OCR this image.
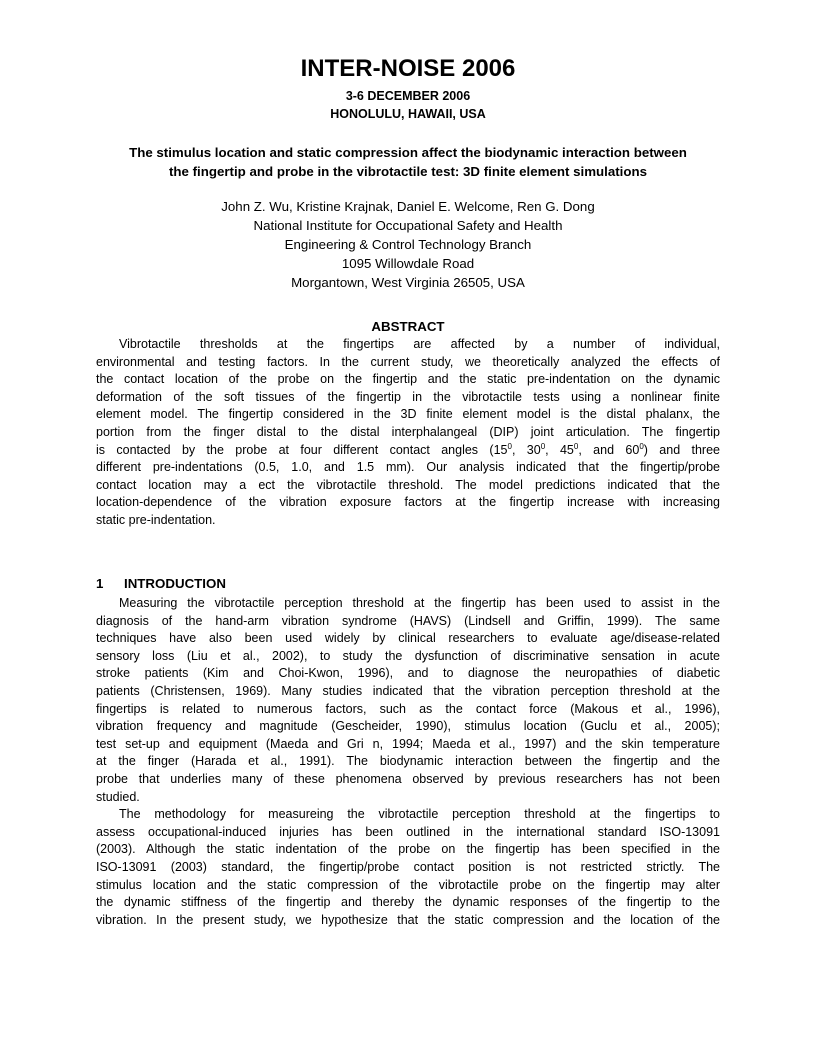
INTER-NOISE 2006
3-6 DECEMBER 2006
HONOLULU, HAWAII, USA
The stimulus location and static compression affect the biodynamic interaction between
the fingertip and probe in the vibrotactile test: 3D finite element simulations
John Z. Wu, Kristine Krajnak, Daniel E. Welcome, Ren G. Dong
National Institute for Occupational Safety and Health
Engineering & Control Technology Branch
1095 Willowdale Road
Morgantown, West Virginia 26505, USA
ABSTRACT
Vibrotactile thresholds at the fingertips are affected by a number of individual,
environmental and testing factors. In the current study, we theoretically analyzed the effects of
the contact location of the probe on the fingertip and the static pre-indentation on the dynamic
deformation of the soft tissues of the fingertip in the vibrotactile tests using a nonlinear finite
element model. The fingertip considered in the 3D finite element model is the distal phalanx, the
portion from the finger distal to the distal interphalangeal (DIP) joint articulation. The fingertip
is contacted by the probe at four different contact angles ($15^0$, $30^0$, $45^0$, and $60^0$) and three
different pre-indentations (0.5, 1.0, and 1.5 mm). Our analysis indicated that the fingertip/probe
contact location may a ect the vibrotactile threshold. The model predictions indicated that the
location-dependence of the vibration exposure factors at the fingertip increase with increasing
static pre-indentation.
1 INTRODUCTION
Measuring the vibrotactile perception threshold at the fingertip has been used to assist in the
diagnosis of the hand-arm vibration syndrome (HAVS) (Lindsell and Griffin, 1999). The same
techniques have also been used widely by clinical researchers to evaluate age/disease-related
sensory loss (Liu et al., 2002), to study the dysfunction of discriminative sensation in acute
stroke patients (Kim and Choi-Kwon, 1996), and to diagnose the neuropathies of diabetic
patients (Christensen, 1969). Many studies indicated that the vibration perception threshold at the
fingertips is related to numerous factors, such as the contact force (Makous et al., 1996),
vibration frequency and magnitude (Gescheider, 1990), stimulus location (Guclu et al., 2005);
test set-up and equipment (Maeda and Gri n, 1994; Maeda et al., 1997) and the skin temperature
at the finger (Harada et al., 1991). The biodynamic interaction between the fingertip and the
probe that underlies many of these phenomena observed by previous researchers has not been
studied.
The methodology for measureing the vibrotactile perception threshold at the fingertips to
assess occupational-induced injuries has been outlined in the international standard ISO-13091
(2003). Although the static indentation of the probe on the fingertip has been specified in the
ISO-13091 (2003) standard, the fingertip/probe contact position is not restricted strictly. The
stimulus location and the static compression of the vibrotactile probe on the fingertip may alter
the dynamic stiffness of the fingertip and thereby the dynamic responses of the fingertip to the
vibration. In the present study, we hypothesize that the static compression and the location of the
